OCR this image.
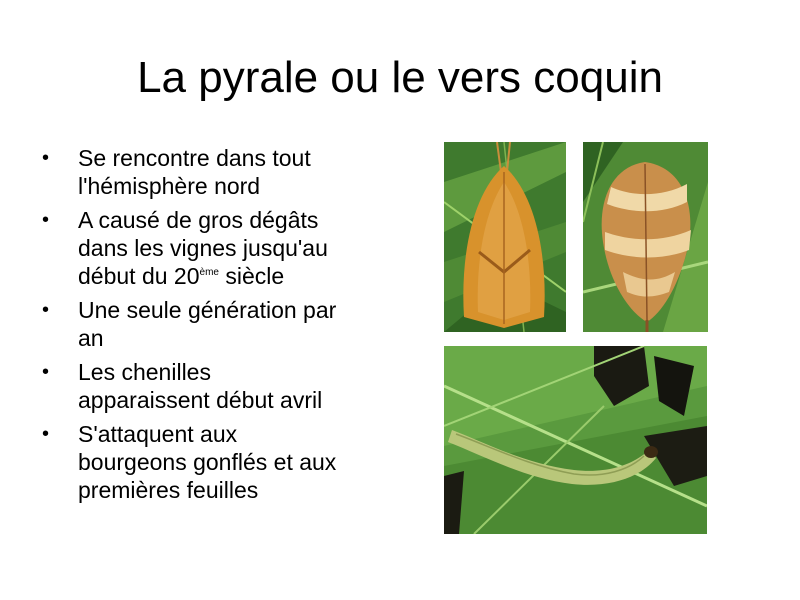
La pyrale ou le vers coquin
• Se rencontre dans tout
l'hémisphère nord
• A causé de gros dégâts
dans les vignes jusqu'au
début du 20ème siècle
• Une seule génération par
an
• Les chenilles
apparaissent début avril
• S'attaquent aux
bourgeons gonflés et aux
premières feuilles
